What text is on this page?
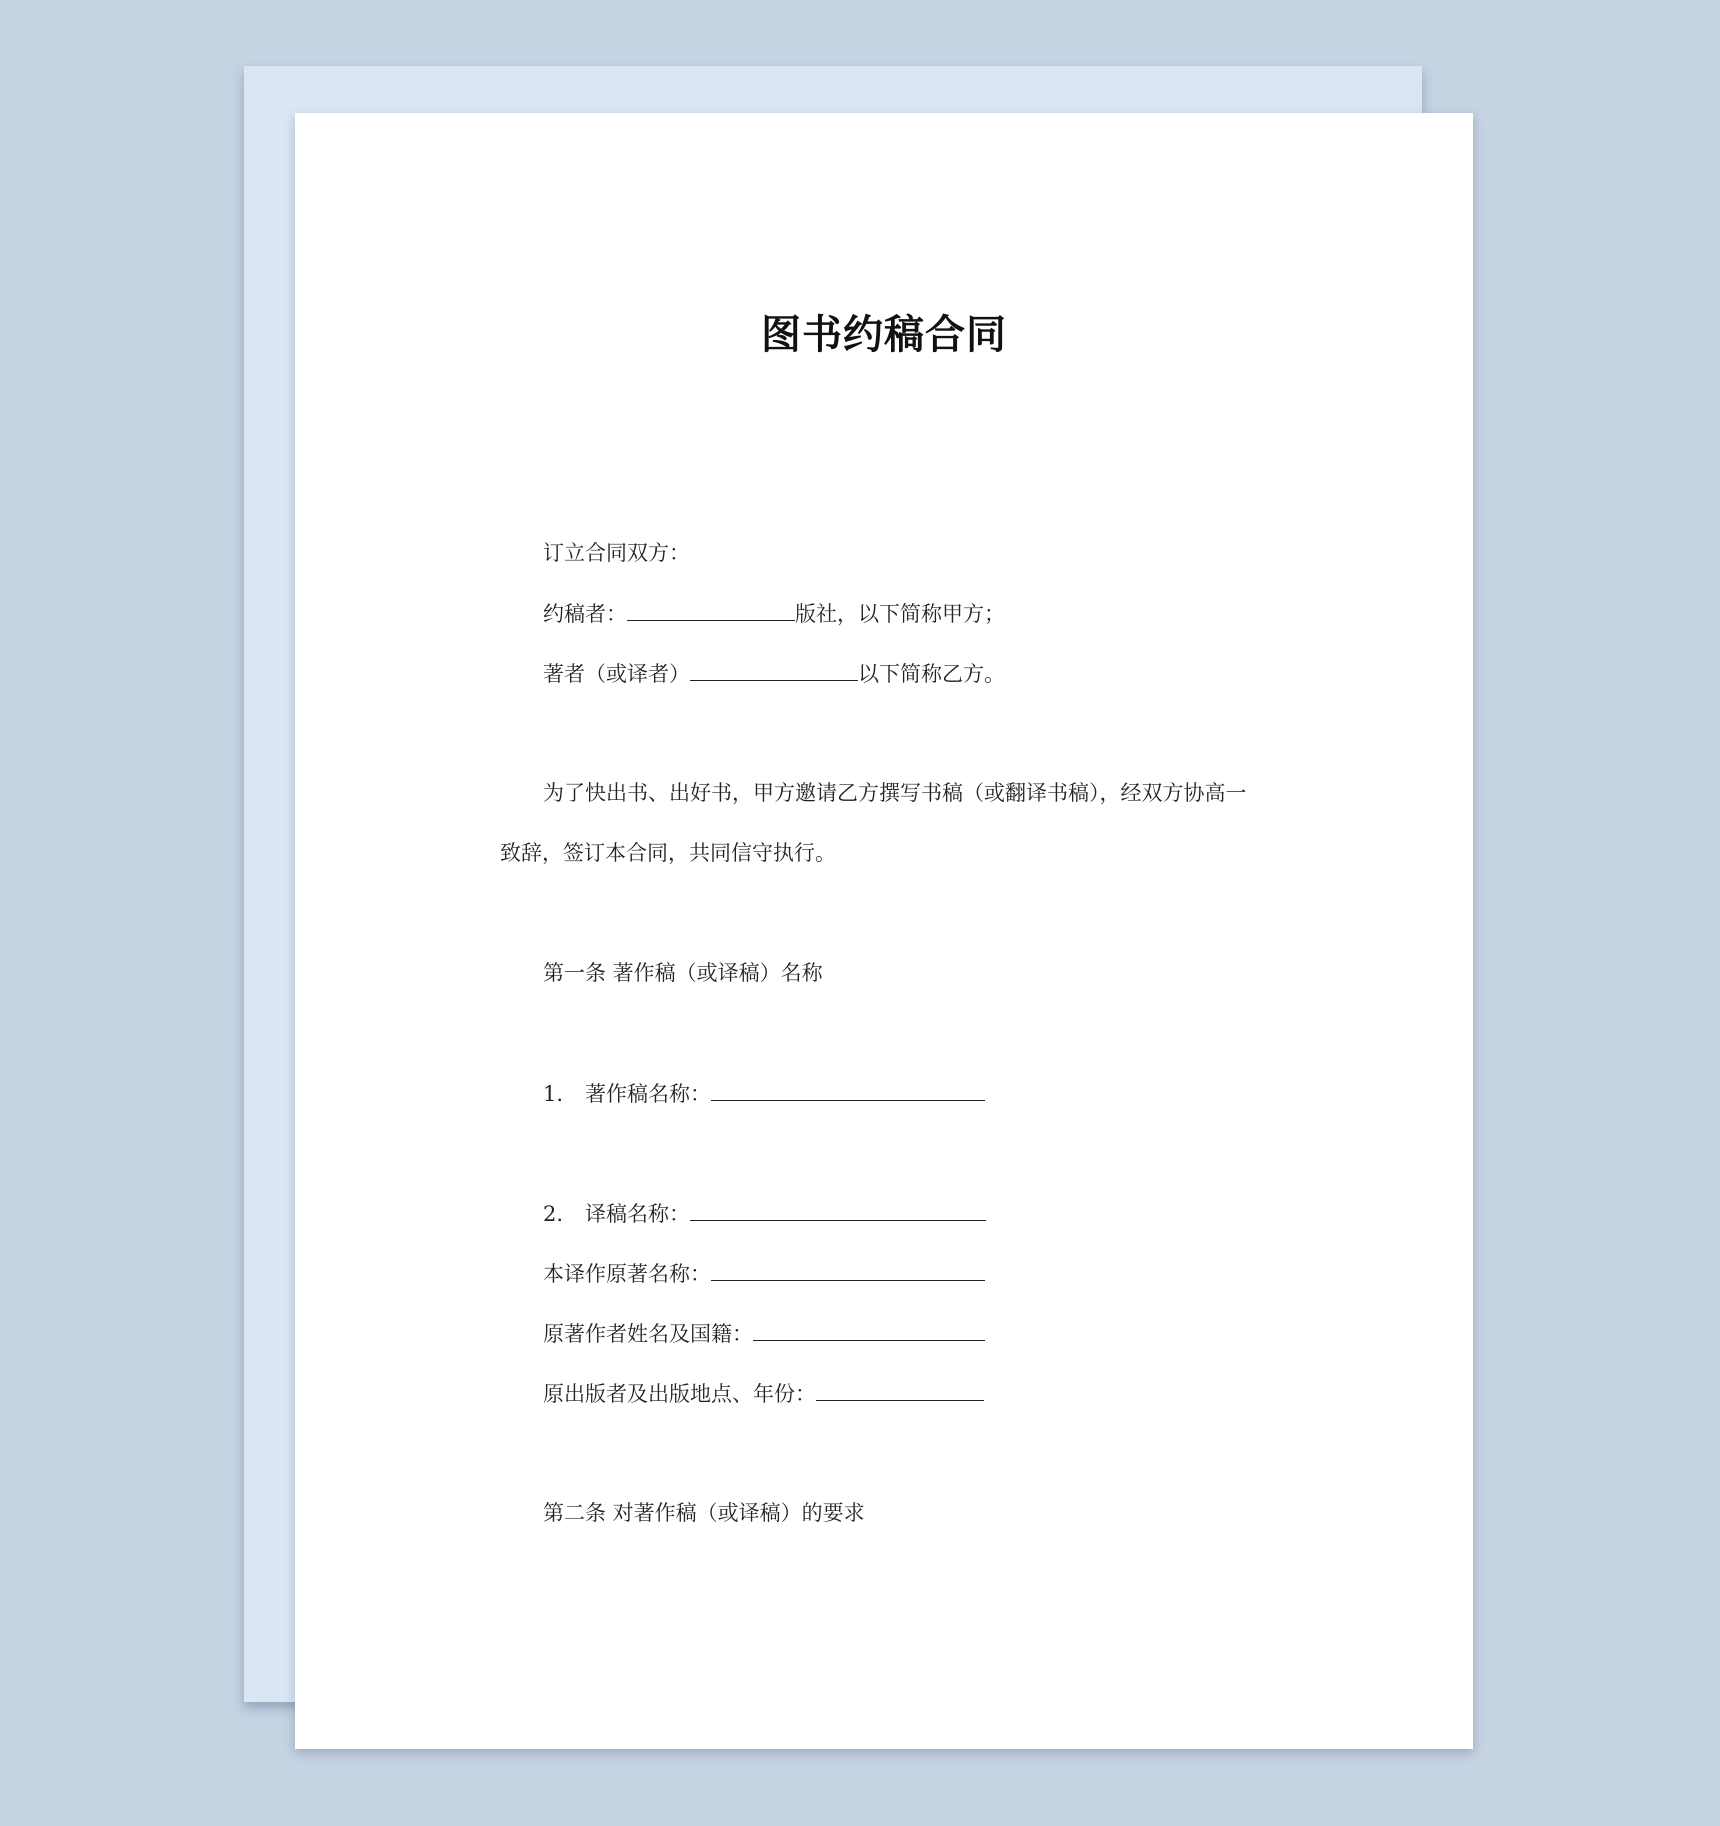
图书约稿合同
订立合同双方：
约稿者：	版社，以下简称甲方；
著者（或译者）	以下简称乙方。
为了快出书、出好书，甲方邀请乙方撰写书稿（或翻译书稿），经双方协高一
致辞，签订本合同，共同信守执行。
第一条 著作稿（或译稿）名称
1. 著作稿名称：
2. 译稿名称：
本译作原著名称：
原著作者姓名及国籍：
原出版者及出版地点、年份：
第二条 对著作稿（或译稿）的要求
